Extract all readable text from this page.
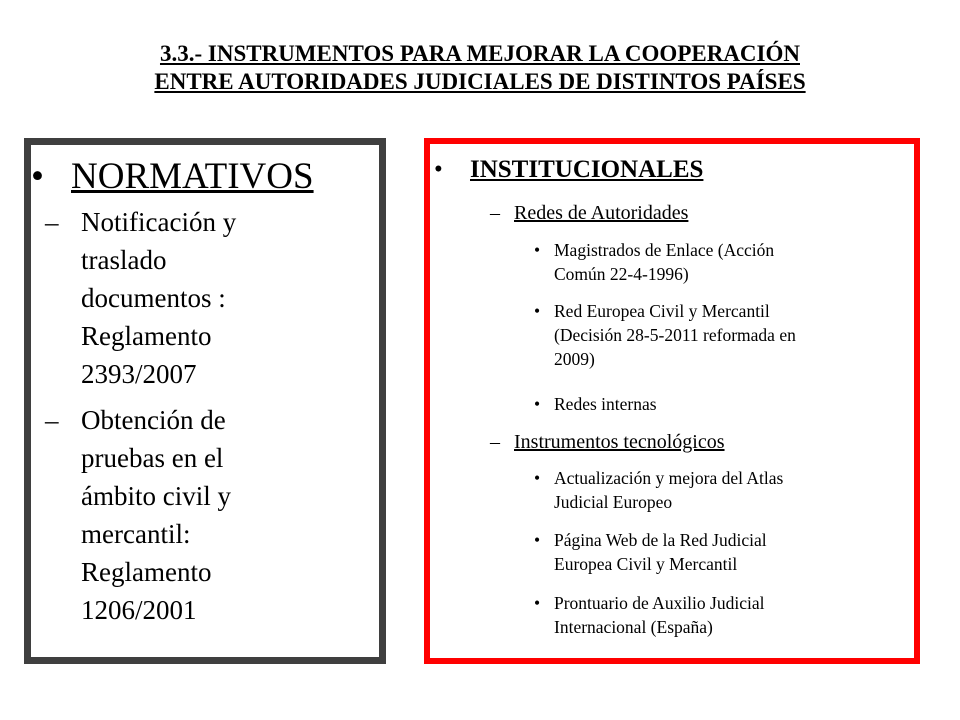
3.3.- INSTRUMENTOS PARA MEJORAR LA COOPERACIÓN
ENTRE AUTORIDADES JUDICIALES DE DISTINTOS PAÍSES
• NORMATIVOS
– Notificación y
traslado
documentos :
Reglamento
2393/2007
– Obtención de
pruebas en el
ámbito civil y
mercantil:
Reglamento
1206/2001
• INSTITUCIONALES
– Redes de Autoridades
• Magistrados de Enlace (Acción
Común 22-4-1996)
• Red Europea Civil y Mercantil
(Decisión 28-5-2011 reformada en
2009)
• Redes internas
– Instrumentos tecnológicos
• Actualización y mejora del Atlas
Judicial Europeo
• Página Web de la Red Judicial
Europea Civil y Mercantil
• Prontuario de Auxilio Judicial
Internacional (España)
